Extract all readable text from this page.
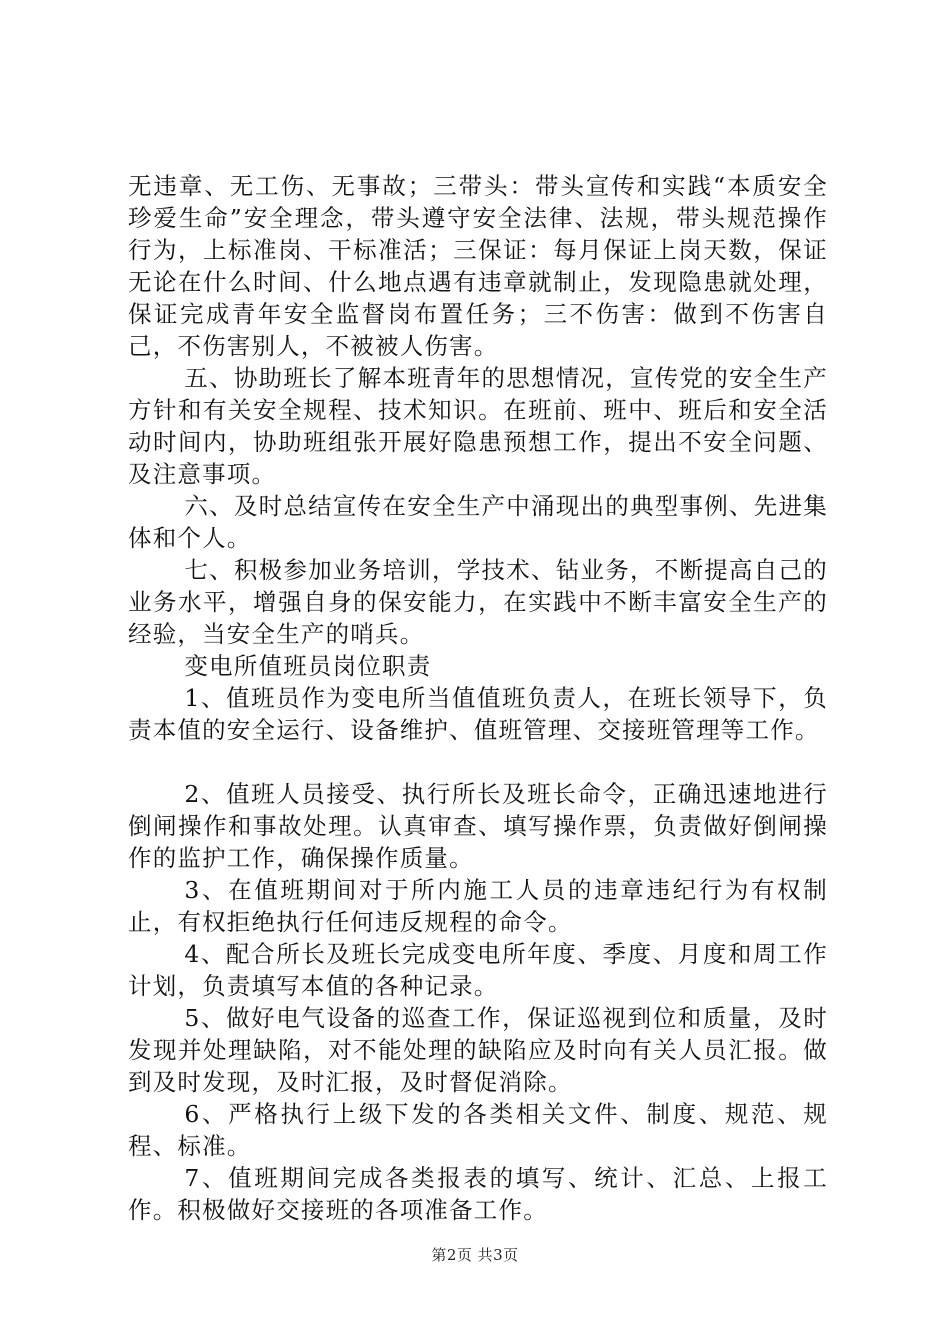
无违章、无工伤、无事故；三带头：带头宣传和实践“本质安全珍爱生命”安全理念，带头遵守安全法律、法规，带头规范操作行为，上标准岗、干标准活；三保证：每月保证上岗天数，保证无论在什么时间、什么地点遇有违章就制止，发现隐患就处理，保证完成青年安全监督岗布置任务；三不伤害：做到不伤害自己，不伤害别人，不被被人伤害。

五、协助班长了解本班青年的思想情况，宣传党的安全生产方针和有关安全规程、技术知识。在班前、班中、班后和安全活动时间内，协助班组张开展好隐患预想工作，提出不安全问题、及注意事项。

六、及时总结宣传在安全生产中涌现出的典型事例、先进集体和个人。

七、积极参加业务培训，学技术、钻业务，不断提高自己的业务水平，增强自身的保安能力，在实践中不断丰富安全生产的经验，当安全生产的哨兵。

变电所值班员岗位职责

1、值班员作为变电所当值值班负责人，在班长领导下，负责本值的安全运行、设备维护、值班管理、交接班管理等工作。

2、值班人员接受、执行所长及班长命令，正确迅速地进行倒闸操作和事故处理。认真审查、填写操作票，负责做好倒闸操作的监护工作，确保操作质量。

3、在值班期间对于所内施工人员的违章违纪行为有权制止，有权拒绝执行任何违反规程的命令。

4、配合所长及班长完成变电所年度、季度、月度和周工作计划，负责填写本值的各种记录。

5、做好电气设备的巡查工作，保证巡视到位和质量，及时发现并处理缺陷，对不能处理的缺陷应及时向有关人员汇报。做到及时发现，及时汇报，及时督促消除。

6、严格执行上级下发的各类相关文件、制度、规范、规程、标准。

7、值班期间完成各类报表的填写、统计、汇总、上报工作。积极做好交接班的各项准备工作。

第2页 共3页
